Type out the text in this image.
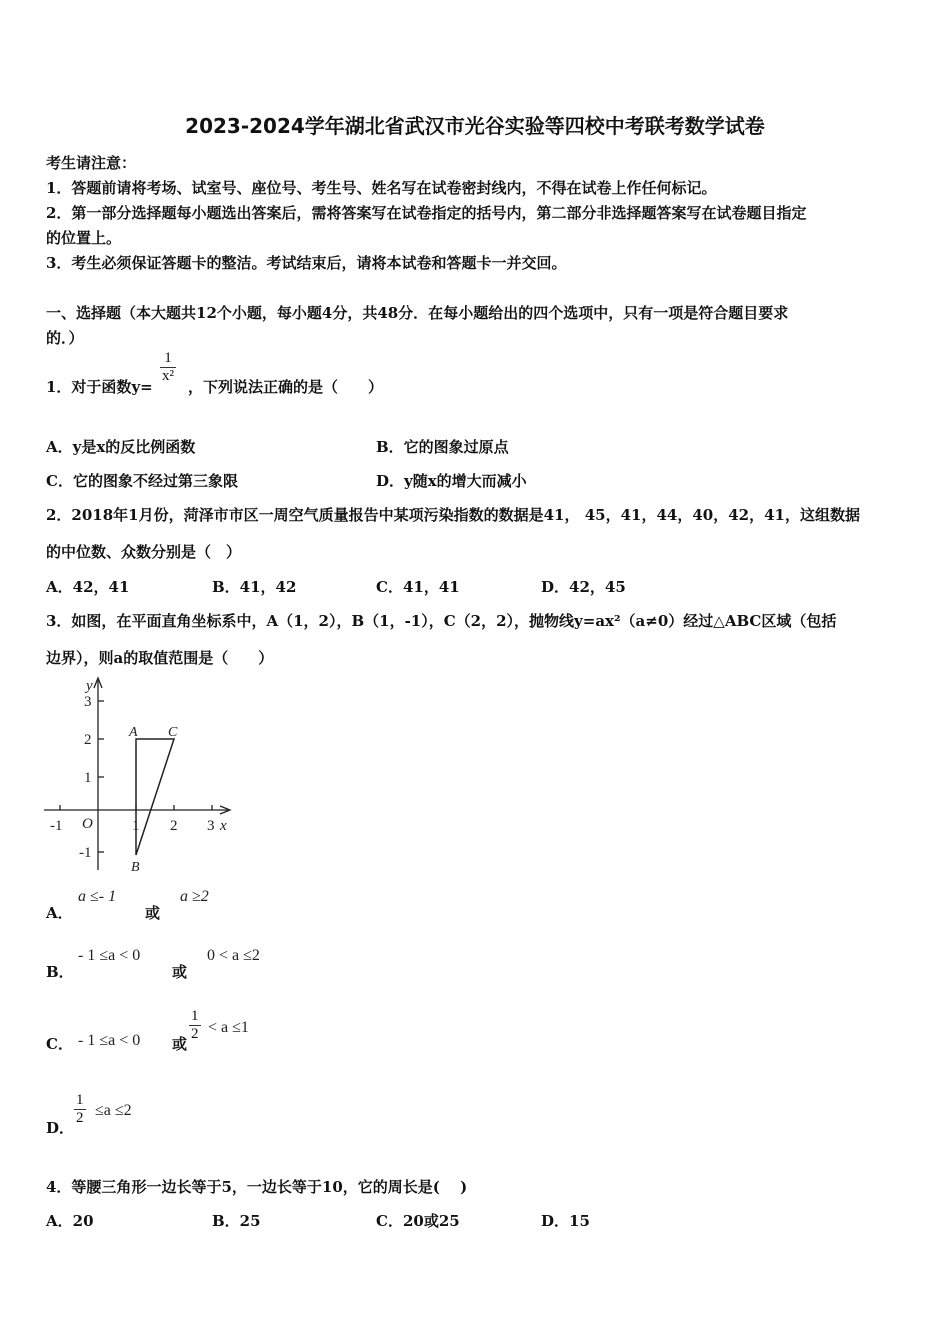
2023-2024学年湖北省武汉市光谷实验等四校中考联考数学试卷
考生请注意：
1．答题前请将考场、试室号、座位号、考生号、姓名写在试卷密封线内，不得在试卷上作任何标记。
2．第一部分选择题每小题选出答案后，需将答案写在试卷指定的括号内，第二部分非选择题答案写在试卷题目指定
的位置上。
3．考生必须保证答题卡的整洁。考试结束后，请将本试卷和答题卡一并交回。
一、选择题（本大题共12个小题，每小题4分，共48分．在每小题给出的四个选项中，只有一项是符合题目要求
的．）
1．对于函数y=
$\frac{1}{\text{x²}}$
，下列说法正确的是（　　）
A．y是x的反比例函数	B．它的图象过原点
C．它的图象不经过第三象限	D．y随x的增大而减小
2．2018年1月份，菏泽市市区一周空气质量报告中某项污染指数的数据是41， 45，41，44，40，42，41，这组数据
的中位数、众数分别是（　）
A．42，41	B．41，42	C．41，41	D．42，45
3．如图，在平面直角坐标系中，A（1，2），B（1，-1），C（2，2），抛物线y=ax²（a≠0）经过△ABC区域（包括
边界），则a的取值范围是（　　）
y
x
O
3
2
1
-1
-1	1 2 3
A
B
C
A．
a ≤- 1
或
a ≥2
B．
- 1 ≤a < 0
或
0 < a ≤2
C． - 1 ≤a < 0 或
$\frac{1}{2} < a \le 1$
D．
$\frac{1}{2} \le a \le 2$
4．等腰三角形一边长等于5，一边长等于10，它的周长是(　 )
A．20	B．25	C．20或25	D．15
